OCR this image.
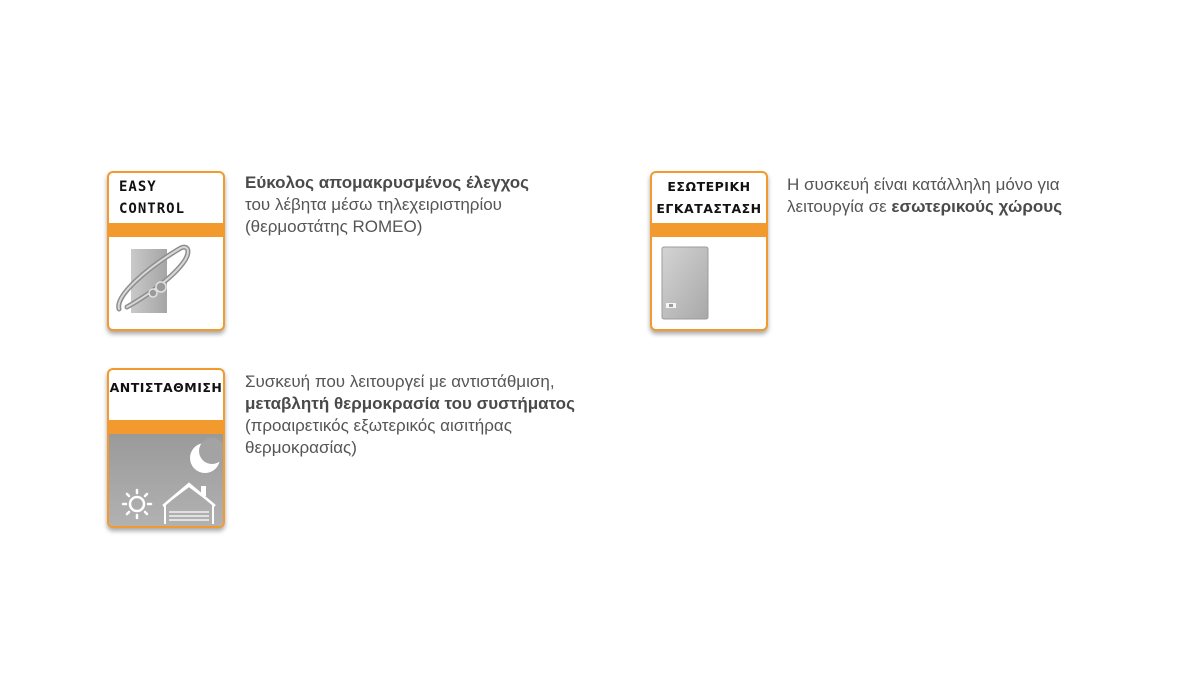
EASY
CONTROL
Εύκολος απομακρυσμένος έλεγχος
του λέβητα μέσω τηλεχειριστηρίου
(θερμοστάτης ROMEO)
ΕΣΩΤΕΡΙΚΗ
ΕΓΚΑΤΑΣΤΑΣΗ
Η συσκευή είναι κατάλληλη μόνο για
λειτουργία σε εσωτερικούς χώρους
ΑΝΤΙΣΤΑΘΜΙΣΗ Συσκευή που λειτουργεί με αντιστάθμιση,
μεταβλητή θερμοκρασία του συστήματος
(προαιρετικός εξωτερικός αισιτήρας
θερμοκρασίας)
